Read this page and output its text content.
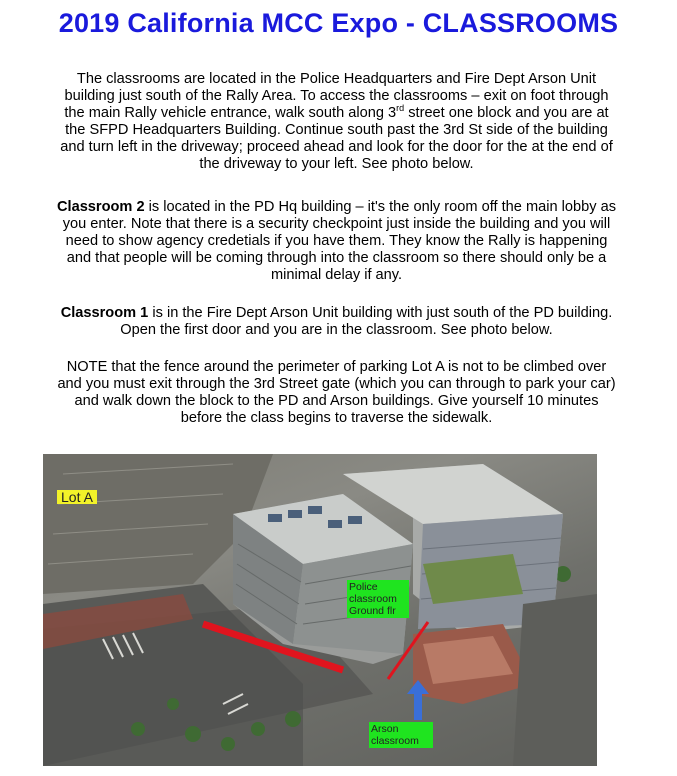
2019 California MCC Expo - CLASSROOMS
The classrooms are located in the Police Headquarters and Fire Dept Arson Unit
building just south of the Rally Area. To access the classrooms – exit on foot through
the main Rally vehicle entrance, walk south along 3rd street one block and you are at
the SFPD Headquarters Building. Continue south past the 3rd St side of the building
and turn left in the driveway; proceed ahead and look for the door for the at the end of
the driveway to your left. See photo below.
Classroom 2 is located in the PD Hq building – it's the only room off the main lobby as
you enter. Note that there is a security checkpoint just inside the building and you will
need to show agency credetials if you have them. They know the Rally is happening
and that people will be coming through into the classroom so there should only be a
minimal delay if any.
Classroom 1 is in the Fire Dept Arson Unit building with just south of the PD building.
Open the first door and you are in the classroom. See photo below.
NOTE that the fence around the perimeter of parking Lot A is not to be climbed over
and you must exit through the 3rd Street gate (which you can through to park your car)
and walk down the block to the PD and Arson buildings. Give yourself 10 minutes
before the class begins to traverse the sidewalk.
Lot A
Police
classroom
Ground flr
Arson
classroom
